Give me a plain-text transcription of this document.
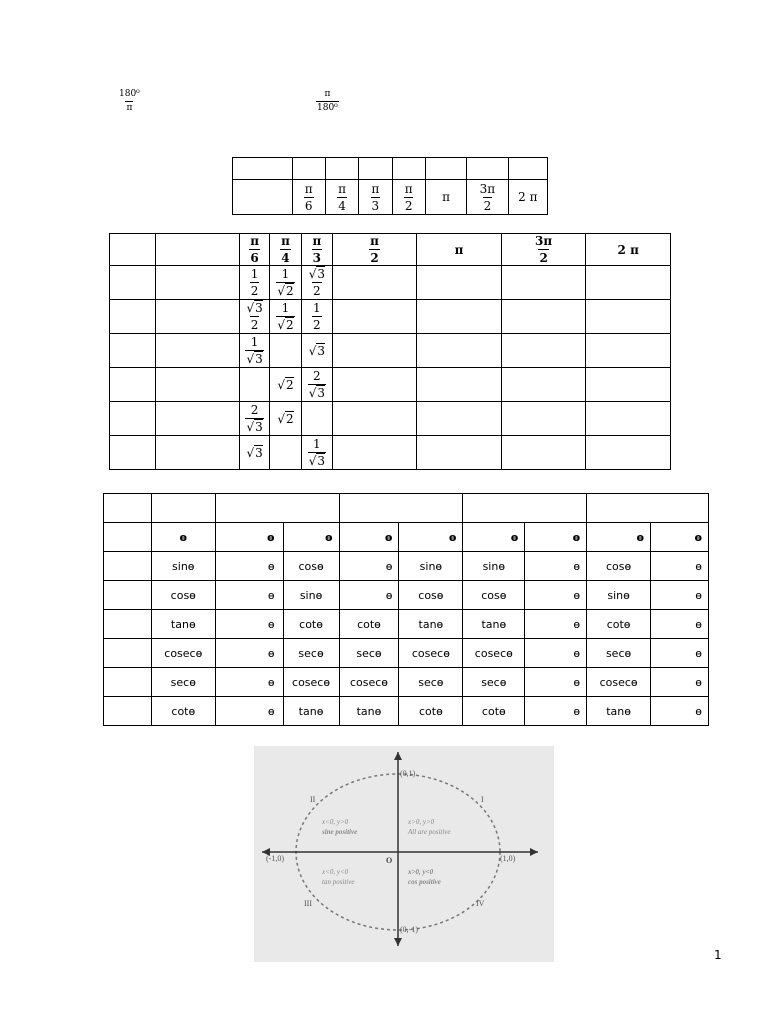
$\frac{\text{180⁰}}{\pi}$	$\frac{\pi}{\text{180⁰}}$

	$\frac{\pi}{6}$	$\frac{\pi}{4}$	$\frac{\pi}{3}$	$\frac{\pi}{2}$	π	$\frac{3\pi}{2}$	2 π

		$\frac{\pi}{6}$	$\frac{\pi}{4}$	$\frac{\pi}{3}$	$\frac{\pi}{2}$	π	$\frac{3\pi}{2}$	2 π

		$\frac{1}{2}$	$\frac{1}{√2}$	$\frac{√3}{2}$

		$\frac{√3}{2}$	$\frac{1}{√2}$	$\frac{1}{2}$

		$\frac{1}{√3}$		√3				
			√2	$\frac{2}{√3}$

		$\frac{2}{√3}$	√2					
		√3		$\frac{1}{√3}$

	ө	ө	ө	ө	ө	ө	ө	ө	ө
	sinө	ө	cosө	ө	sinө	sinө	ө	cosө	ө
	cosө	ө	sinө	ө	cosө	cosө	ө	sinө	ө
	tanө	ө	cotө	cotө	tanө	tanө	ө	cotө	ө
	cosecө	ө	secө	secө	cosecө	cosecө	ө	secө	ө
	secө	ө	cosecө	cosecө	secө	secө	ө	cosecө	ө
	cotө	ө	tanө	tanө	cotө	cotө	ө	tanө	ө
(0,1)
(0,-1)
(-1,0)	(1,0)
O
I
II
III	IV
x>0, y>0
All are positive
x<0, y>0
sine positive
x<0, y<0
tan positive
x>0, y<0
cos positive
1
